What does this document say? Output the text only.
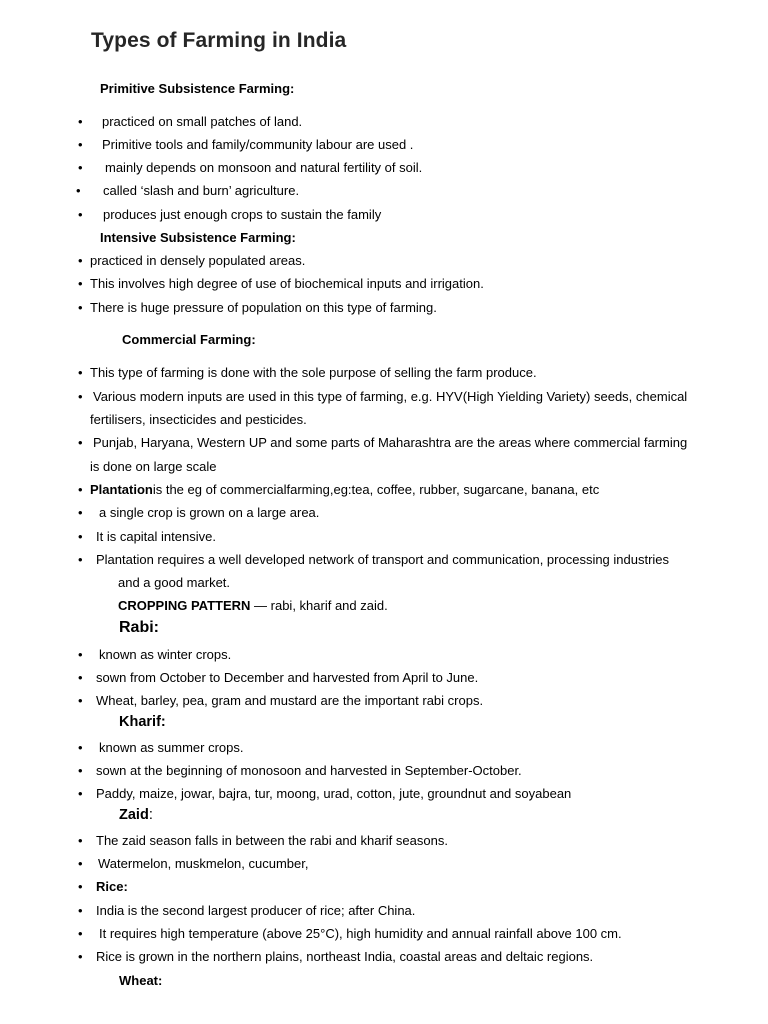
Types of Farming in India
Primitive Subsistence Farming:
• practiced on small patches of land.
• Primitive tools and family/community labour are used .
• mainly depends on monsoon and natural fertility of soil.
• called ‘slash and burn’ agriculture.
• produces just enough crops to sustain the family
Intensive Subsistence Farming:
• practiced in densely populated areas.
• This involves high degree of use of biochemical inputs and irrigation.
• There is huge pressure of population on this type of farming.
Commercial Farming:
• This type of farming is done with the sole purpose of selling the farm produce.
• Various modern inputs are used in this type of farming, e.g. HYV(High Yielding Variety) seeds, chemical
fertilisers, insecticides and pesticides.
• Punjab, Haryana, Western UP and some parts of Maharashtra are the areas where commercial farming
is done on large scale
• Plantationis the eg of commercialfarming,eg:tea, coffee, rubber, sugarcane, banana, etc
• a single crop is grown on a large area.
• It is capital intensive.
• Plantation requires a well developed network of transport and communication, processing industries
and a good market.
CROPPING PATTERN — rabi, kharif and zaid.
Rabi:
• known as winter crops.
• sown from October to December and harvested from April to June.
• Wheat, barley, pea, gram and mustard are the important rabi crops.
Kharif:
• known as summer crops.
• sown at the beginning of monosoon and harvested in September-October.
• Paddy, maize, jowar, bajra, tur, moong, urad, cotton, jute, groundnut and soyabean
Zaid:
• The zaid season falls in between the rabi and kharif seasons.
• Watermelon, muskmelon, cucumber,
• Rice:
• India is the second largest producer of rice; after China.
• It requires high temperature (above 25°C), high humidity and annual rainfall above 100 cm.
• Rice is grown in the northern plains, northeast India, coastal areas and deltaic regions.
Wheat:
